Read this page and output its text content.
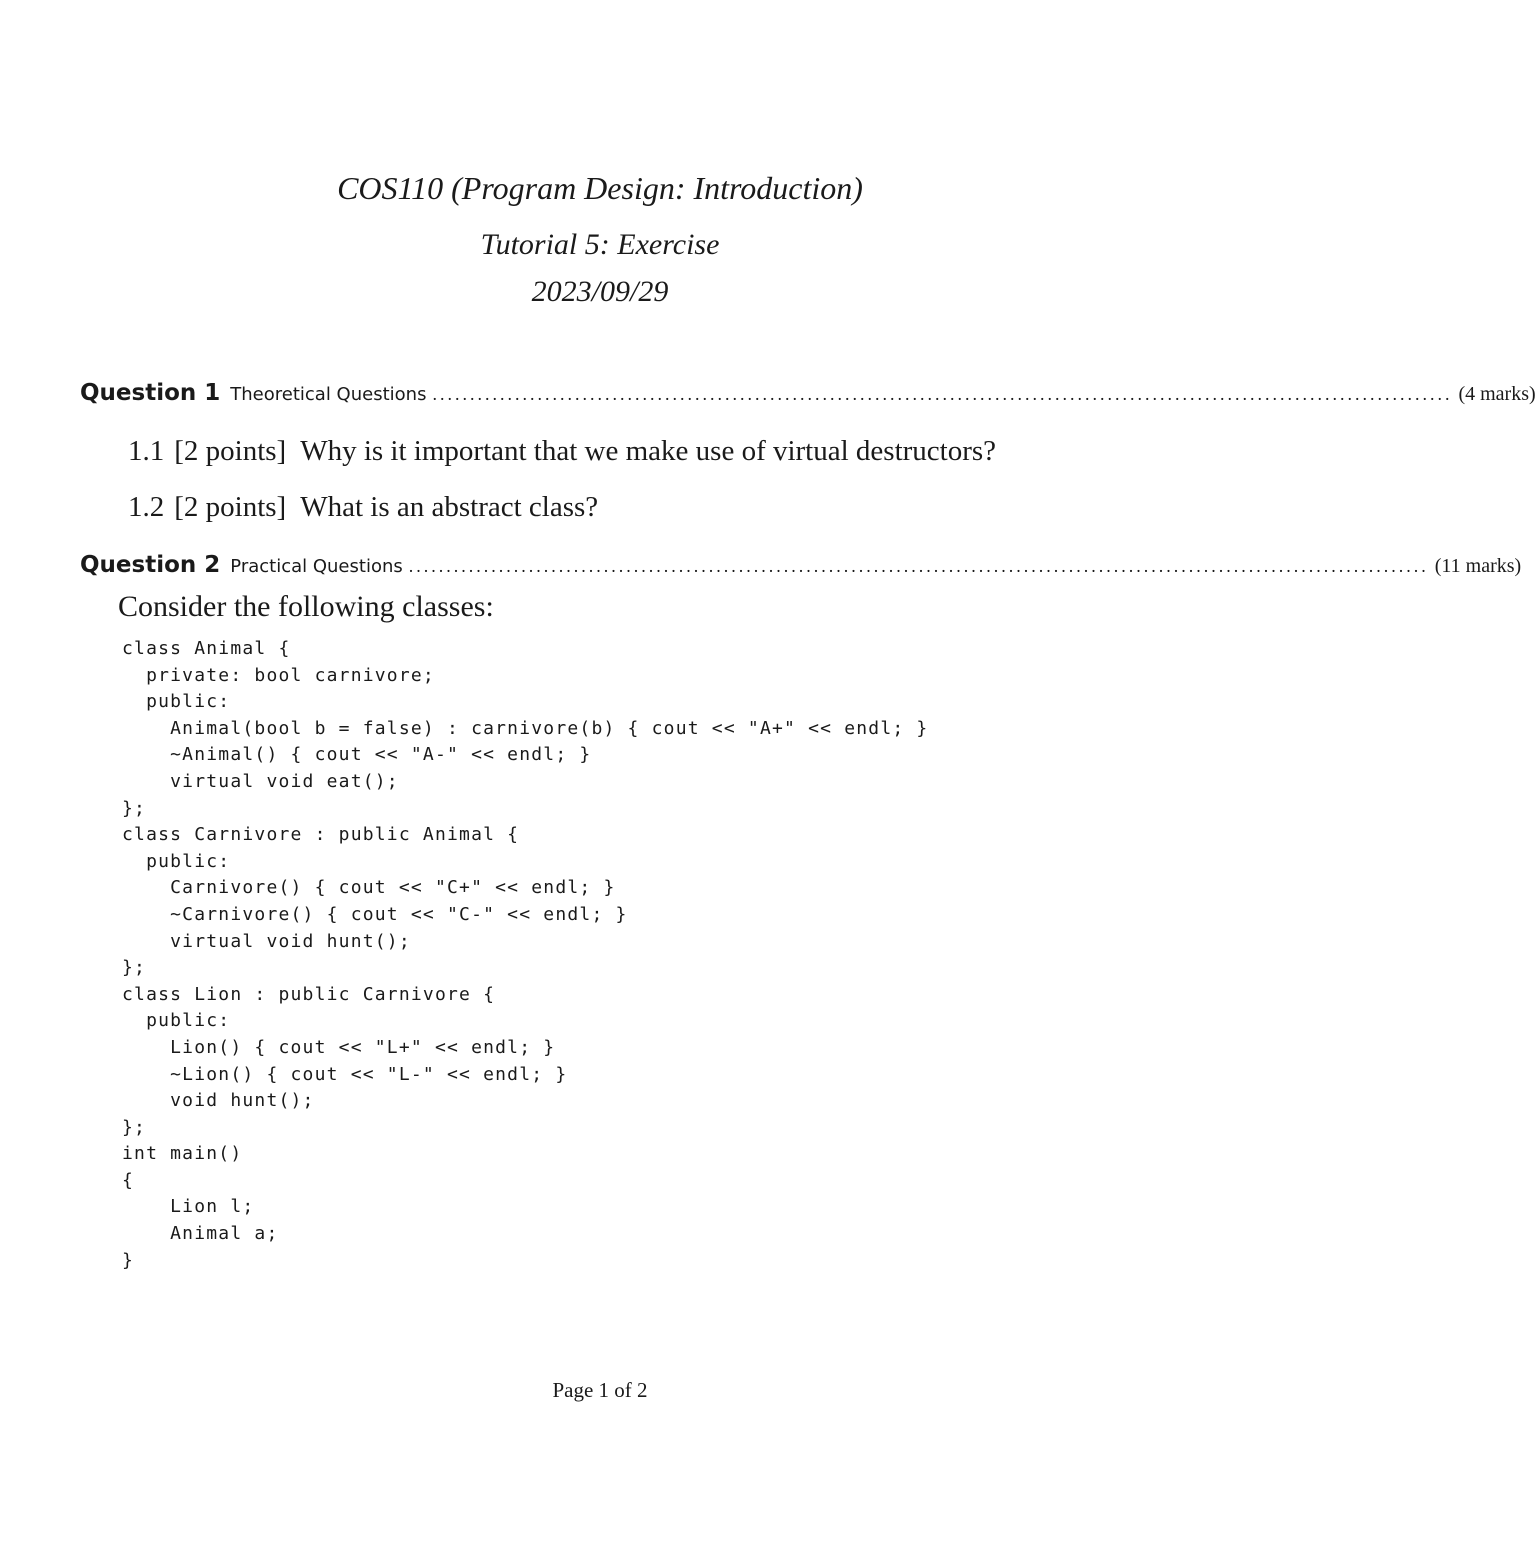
COS110 (Program Design: Introduction)
Tutorial 5: Exercise
2023/09/29
Question 1 Theoretical Questions ........................................................................................................................................ (4 marks)
1.1 [2 points] Why is it important that we make use of virtual destructors?
1.2 [2 points] What is an abstract class?
Question 2 Practical Questions ........................................................................................................................................ (11 marks)
Consider the following classes:
class Animal {
private: bool carnivore;
public:
Animal(bool b = false) : carnivore(b) { cout << "A+" << endl; }
~Animal() { cout << "A-" << endl; }
virtual void eat();
};
class Carnivore : public Animal {
public:
Carnivore() { cout << "C+" << endl; }
~Carnivore() { cout << "C-" << endl; }
virtual void hunt();
};
class Lion : public Carnivore {
public:
Lion() { cout << "L+" << endl; }
~Lion() { cout << "L-" << endl; }
void hunt();
};
int main()
{
Lion l;
Animal a;
}
Page 1 of 2
